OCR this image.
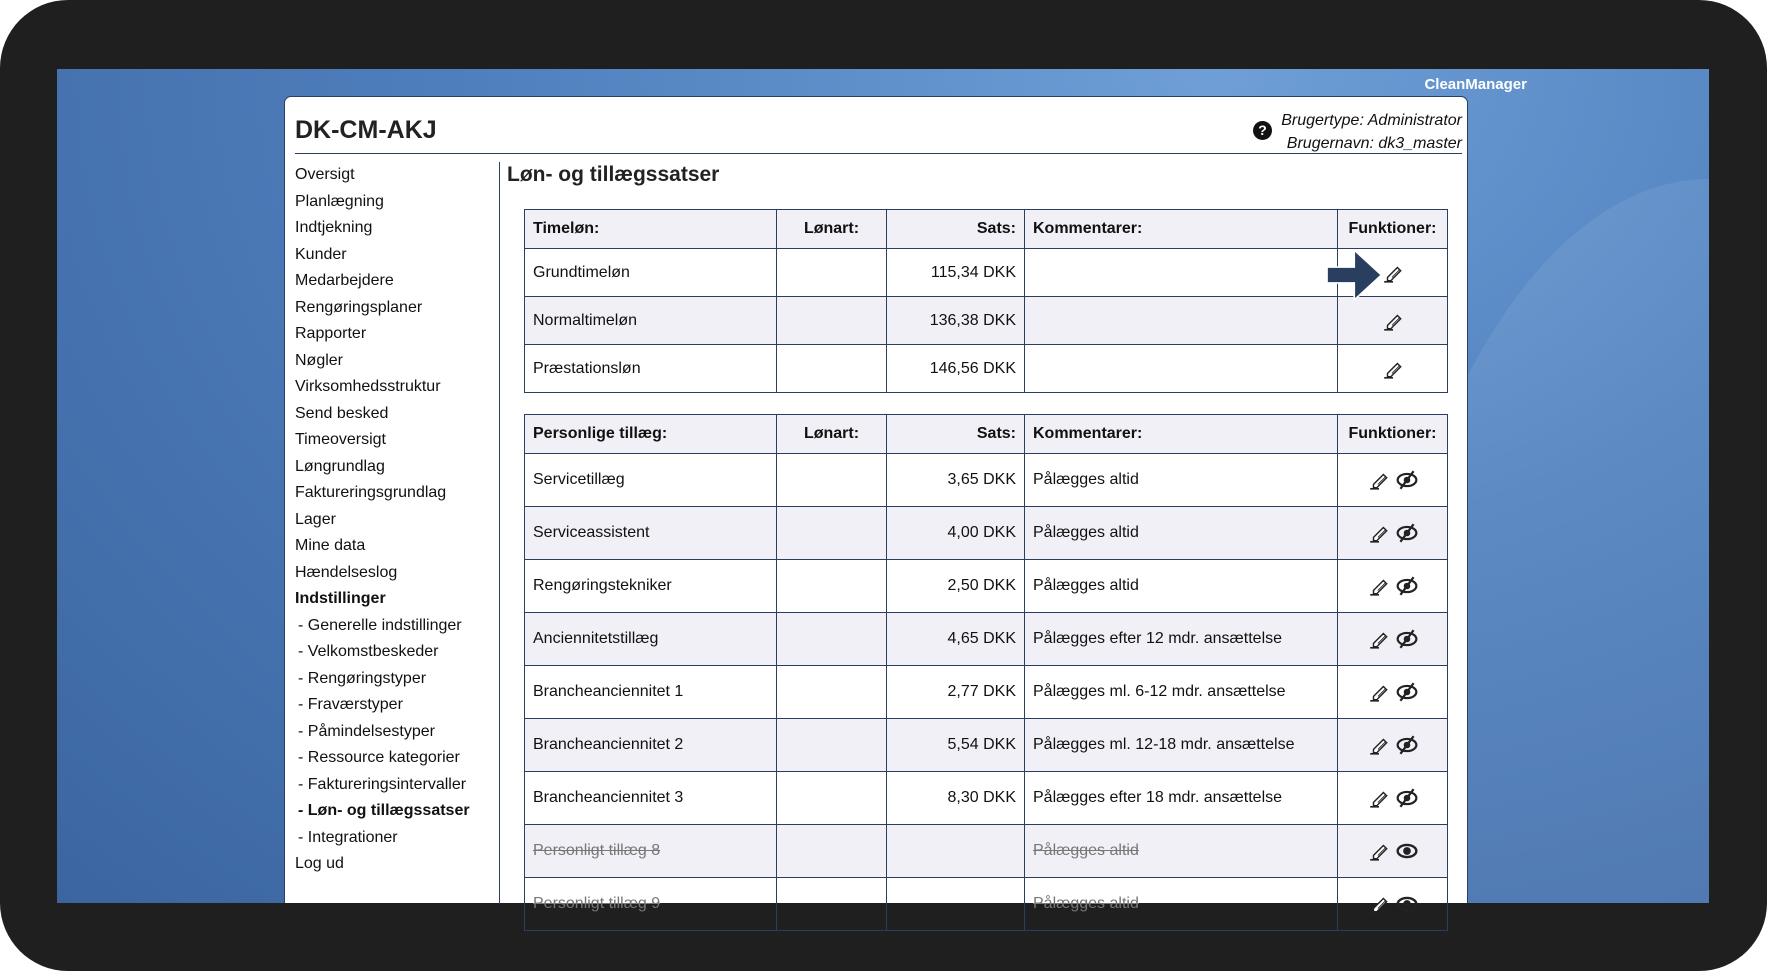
CleanManager
DK-CM-AKJ	?
Brugertype: Administrator
Brugernavn: dk3_master
Oversigt
Planlægning
Indtjekning
Kunder
Medarbejdere
Rengøringsplaner
Rapporter
Nøgler
Virksomhedsstruktur
Send besked
Timeoversigt
Løngrundlag
Faktureringsgrundlag
Lager
Mine data
Hændelseslog
Indstillinger
- Generelle indstillinger
- Velkomstbeskeder
- Rengøringstyper
- Fraværstyper
- Påmindelsestyper
- Ressource kategorier
- Faktureringsintervaller
- Løn- og tillægssatser
- Integrationer
Log ud
Løn- og tillægssatser
Timeløn:	Lønart:	Sats:	Kommentarer:	Funktioner:
Grundtimeløn		115,34 DKK		
Normaltimeløn		136,38 DKK		
Præstationsløn		146,56 DKK		
Personlige tillæg:	Lønart:	Sats:	Kommentarer:	Funktioner:
Servicetillæg		3,65 DKK	Pålægges altid	
Serviceassistent		4,00 DKK	Pålægges altid	
Rengøringstekniker		2,50 DKK	Pålægges altid	
Anciennitetstillæg		4,65 DKK	Pålægges efter 12 mdr. ansættelse	
Brancheanciennitet 1		2,77 DKK	Pålægges ml. 6-12 mdr. ansættelse	
Brancheanciennitet 2		5,54 DKK	Pålægges ml. 12-18 mdr. ansættelse	
Brancheanciennitet 3		8,30 DKK	Pålægges efter 18 mdr. ansættelse	
Personligt tillæg 8			Pålægges altid	
Personligt tillæg 9			Pålægges altid	
